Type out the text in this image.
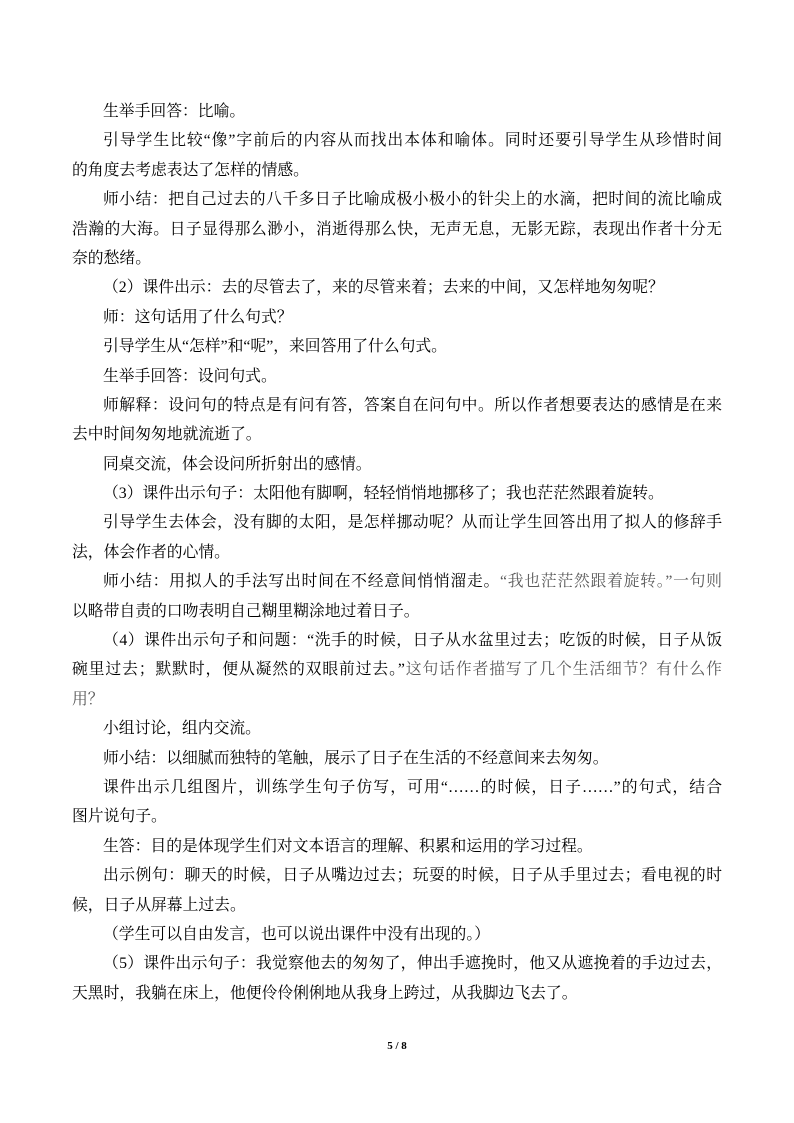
生举手回答：比喻。
引导学生比较“像”字前后的内容从而找出本体和喻体。同时还要引导学生从珍惜时间
的角度去考虑表达了怎样的情感。
师小结：把自己过去的八千多日子比喻成极小极小的针尖上的水滴，把时间的流比喻成
浩瀚的大海。日子显得那么渺小，消逝得那么快，无声无息，无影无踪，表现出作者十分无
奈的愁绪。
（2）课件出示：去的尽管去了，来的尽管来着；去来的中间，又怎样地匆匆呢？
师：这句话用了什么句式？
引导学生从“怎样”和“呢”，来回答用了什么句式。
生举手回答：设问句式。
师解释：设问句的特点是有问有答，答案自在问句中。所以作者想要表达的感情是在来
去中时间匆匆地就流逝了。
同桌交流，体会设问所折射出的感情。
（3）课件出示句子：太阳他有脚啊，轻轻悄悄地挪移了；我也茫茫然跟着旋转。
引导学生去体会，没有脚的太阳，是怎样挪动呢？从而让学生回答出用了拟人的修辞手
法，体会作者的心情。
师小结：用拟人的手法写出时间在不经意间悄悄溜走。“我也茫茫然跟着旋转。”一句则
以略带自责的口吻表明自己糊里糊涂地过着日子。
（4）课件出示句子和问题：“洗手的时候，日子从水盆里过去；吃饭的时候，日子从饭
碗里过去；默默时，便从凝然的双眼前过去。”这句话作者描写了几个生活细节？有什么作
用？
小组讨论，组内交流。
师小结：以细腻而独特的笔触，展示了日子在生活的不经意间来去匆匆。
课件出示几组图片，训练学生句子仿写，可用“……的时候，日子……”的句式，结合
图片说句子。
生答：目的是体现学生们对文本语言的理解、积累和运用的学习过程。
出示例句：聊天的时候，日子从嘴边过去；玩耍的时候，日子从手里过去；看电视的时
候，日子从屏幕上过去。
（学生可以自由发言，也可以说出课件中没有出现的。）
（5）课件出示句子：我觉察他去的匆匆了，伸出手遮挽时，他又从遮挽着的手边过去，
天黑时，我躺在床上，他便伶伶俐俐地从我身上跨过，从我脚边飞去了。
5 / 8
